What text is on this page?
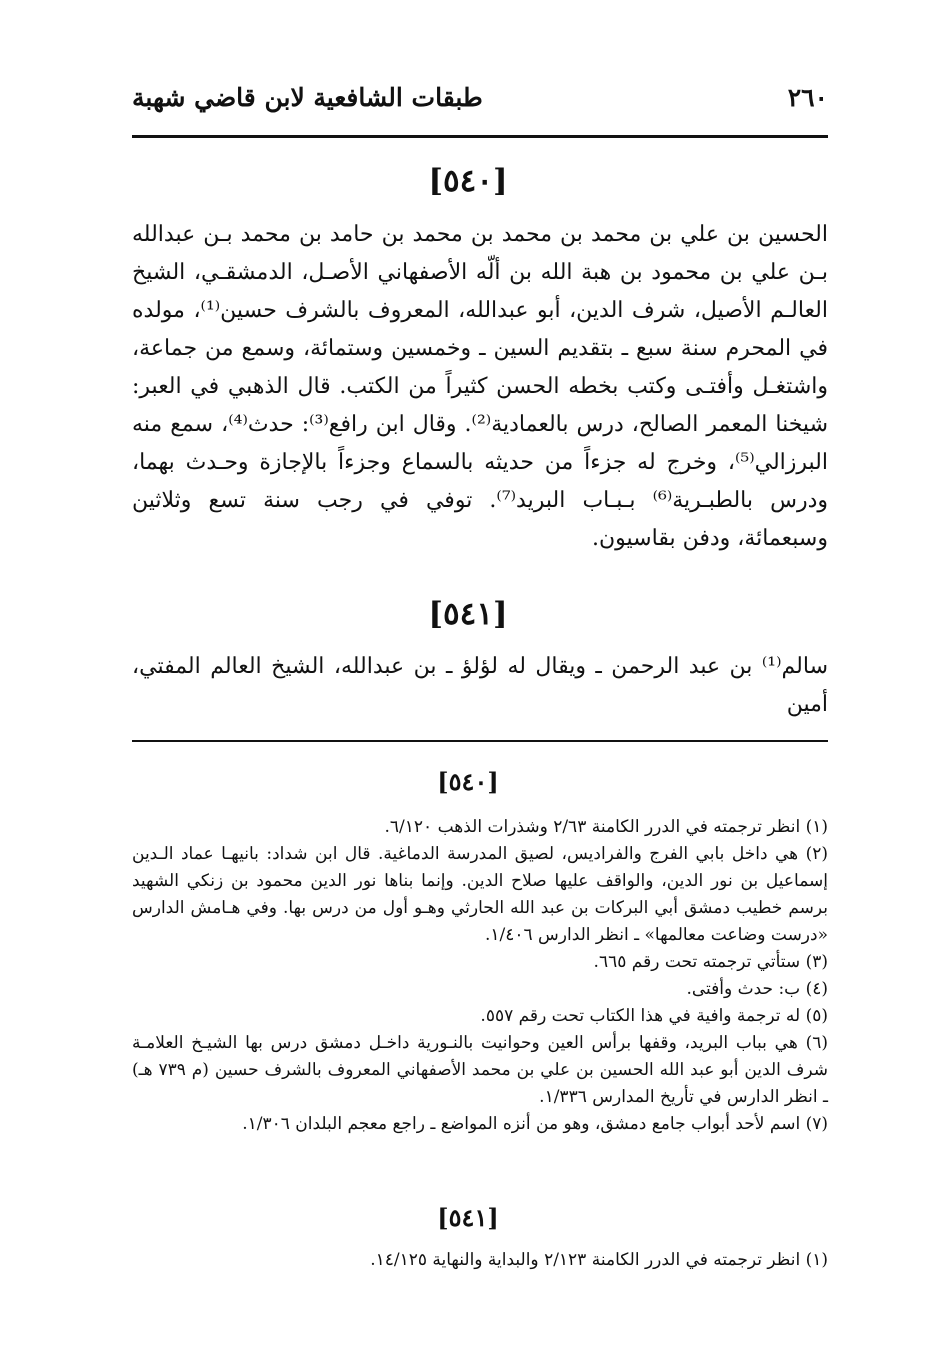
٢٦٠
طبقات الشافعية لابن قاضي شهبة
[٥٤٠]
الحسين بن علي بن محمد بن محمد بن محمد بن حامد بن محمد بـن عبدالله بـن علي بن محمود بن هبة الله بن ألّه الأصفهاني الأصـل، الدمشقـي، الشيخ العالـم الأصيل، شرف الدين، أبو عبدالله، المعروف بالشرف حسين⁽¹⁾، مولده في المحرم سنة سبع ـ بتقديم السين ـ وخمسين وستمائة، وسمع من جماعة، واشتغـل وأفتـى وكتب بخطه الحسن كثيراً من الكتب. قال الذهبي في العبر: شيخنا المعمر الصالح، درس بالعمادية⁽²⁾. وقال ابن رافع⁽³⁾: حدث⁽⁴⁾، سمع منه البرزالي⁽⁵⁾، وخرج له جزءاً من حديثه بالسماع وجزءاً بالإجازة وحـدث بهما، ودرس بالطبـرية⁽⁶⁾ بـبـاب البريد⁽⁷⁾. توفي في رجب سنة تسع وثلاثين وسبعمائة، ودفن بقاسيون.
[٥٤١]
سالم⁽¹⁾ بن عبد الرحمن ـ ويقال له لؤلؤ ـ بن عبدالله، الشيخ العالم المفتي، أمين
[٥٤٠]

(١) انظر ترجمته في الدرر الكامنة ٢/٦٣ وشذرات الذهب ٦/١٢٠.

(٢) هي داخل بابي الفرج والفراديس، لصيق المدرسة الدماغية. قال ابن شداد: بانيهـا عماد الـدين إسماعيل بن نور الدين، والواقف عليها صلاح الدين. وإنما بناها نور الدين محمود بن زنكي الشهيد برسم خطيب دمشق أبي البركات بن عبد الله الحارثي وهـو أول من درس بها. وفي هـامش الدارس «درست وضاعت معالمها» ـ انظر الدارس ١/٤٠٦.

(٣) ستأتي ترجمته تحت رقم ٦٦٥.

(٤) ب: حدث وأفتى.

(٥) له ترجمة وافية في هذا الكتاب تحت رقم ٥٥٧.

(٦) هي بباب البريد، وقفها برأس العين وحوانيت بالنـورية داخـل دمشق درس بها الشيـخ العلامـة شرف الدين أبو عبد الله الحسين بن علي بن محمد الأصفهاني المعروف بالشرف حسين (م ٧٣٩ هـ) ـ انظر الدارس في تأريخ المدارس ١/٣٣٦.

(٧) اسم لأحد أبواب جامع دمشق، وهو من أنزه المواضع ـ راجع معجم البلدان ١/٣٠٦.

[٥٤١]

(١) انظر ترجمته في الدرر الكامنة ٢/١٢٣ والبداية والنهاية ١٤/١٢٥.
